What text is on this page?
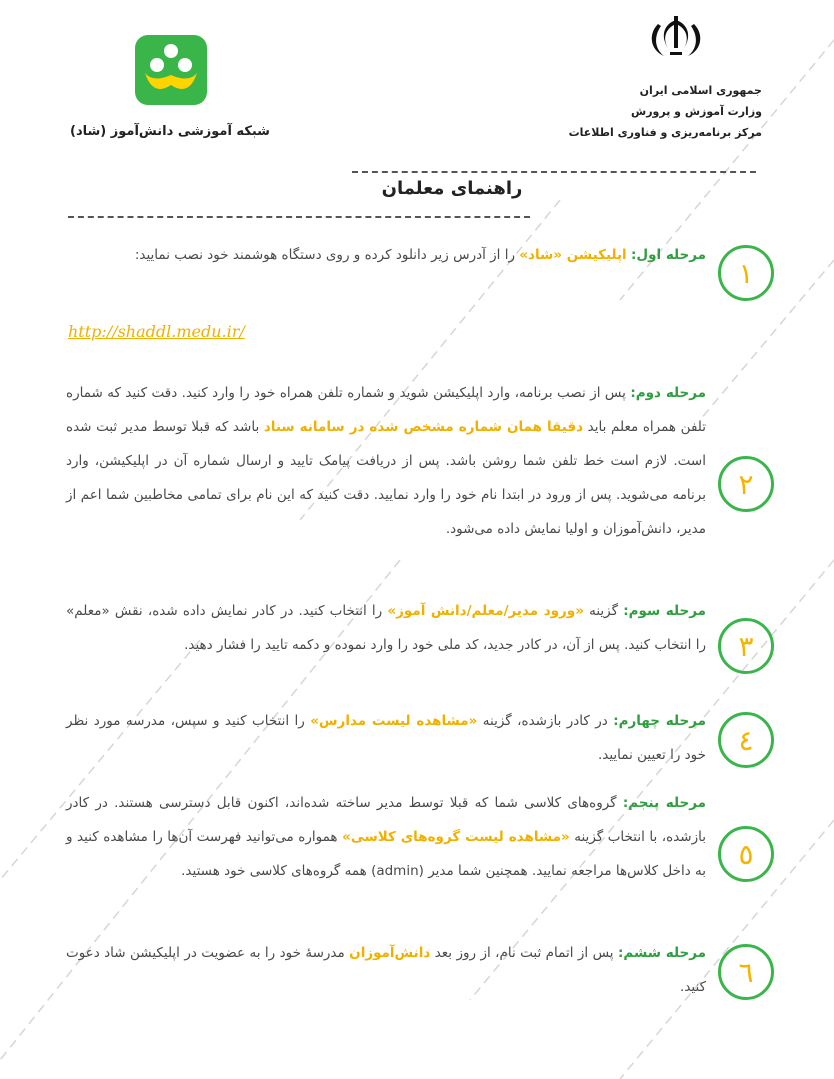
جمهوری اسلامی ایران
وزارت آموزش و پرورش
مرکز برنامه‌ریزی و فناوری اطلاعات
شبکه آموزشی دانش‌آموز (شاد)
راهنمای معلمان
١
مرحله اول: اپلیکیشن «شاد» را از آدرس زیر دانلود کرده و روی دستگاه هوشمند خود نصب نمایید:
http://shaddl.medu.ir/
٢
مرحله دوم: پس از نصب برنامه، وارد اپلیکیشن شوید و شماره تلفن همراه خود را وارد کنید. دقت کنید که شماره تلفن همراه معلم باید دقیقا همان شماره مشخص شده در سامانه سناد باشد که قبلا توسط مدیر ثبت شده است. لازم است خط تلفن شما روشن باشد. پس از دریافت پیامک تایید و ارسال شماره آن در اپلیکیشن، وارد برنامه می‌شوید. پس از ورود در ابتدا نام خود را وارد نمایید. دقت کنید که این نام برای تمامی مخاطبین شما اعم از مدیر، دانش‌آموزان و اولیا نمایش داده می‌شود.
٣
مرحله سوم: گزینه «ورود مدیر/معلم/دانش آموز» را انتخاب کنید. در کادر نمایش داده شده، نقش «معلم» را انتخاب کنید. پس از آن، در کادر جدید، کد ملی خود را وارد نموده و دکمه تایید را فشار دهید.
٤
مرحله چهارم: در کادر بازشده، گزینه «مشاهده لیست مدارس» را انتخاب کنید و سپس، مدرسه مورد نظر خود را تعیین نمایید.
٥
مرحله پنجم: گروه‌های کلاسی شما که قبلا توسط مدیر ساخته شده‌اند، اکنون قابل دسترسی هستند. در کادر بازشده، با انتخاب گزینه «مشاهده لیست گروه‌های کلاسی» همواره می‌توانید فهرست آن‌ها را مشاهده کنید و به داخل کلاس‌ها مراجعه نمایید. همچنین شما مدیر (admin) همه گروه‌های کلاسی خود هستید.
٦
مرحله ششم: پس از اتمام ثبت نام، از روز بعد دانش‌آموزان مدرسهٔ خود را به عضویت در اپلیکیشن شاد دعوت کنید.
